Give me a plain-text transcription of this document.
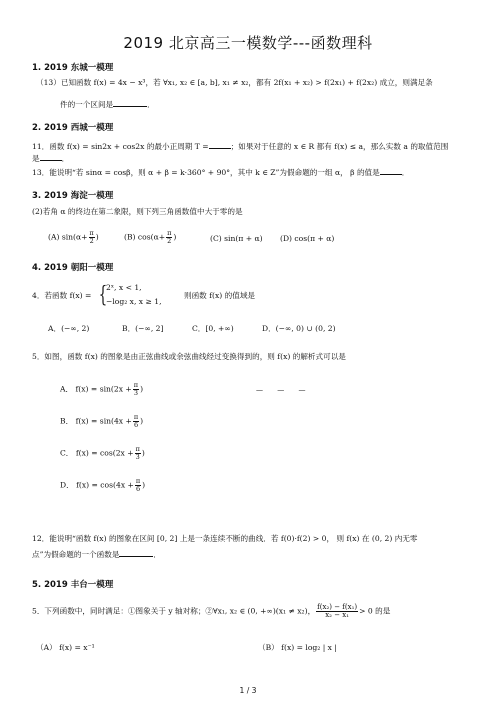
2019 北京高三一模数学---函数理科
1. 2019 东城一模理
（13）已知函数 f(x) = 4x − x³，若 ∀x₁, x₂ ∈ [a, b], x₁ ≠ x₂，都有 2f(x₁ + x₂) > f(2x₁) + f(2x₂) 成立，则满足条
件的一个区间是	．
2. 2019 西城一模理
11．函数 f(x) = sin2x + cos2x 的最小正周期 T =	；如果对于任意的 x ∈ R 都有 f(x) ≤ a，那么实数 a 的取值范围
是	．
13．能说明“若 sinα = cosβ，则 α + β = k·360° + 90°，其中 k ∈ Z”为假命题的一组 α， β 的值是	．
3. 2019 海淀一模理
(2)若角 α 的终边在第二象限，则下列三角函数值中大于零的是
(A) $\sin(\alpha+ \frac{\pi}{2}$ )	(B) $\cos(\alpha+ \frac{\pi}{2}$ )	(C) sin(π + α) (D) cos(π + α)
4. 2019 朝阳一模理
4．若函数 f(x) = {
2ˣ, x < 1,
−log₂ x, x ≥ 1,
则函数 f(x) 的值域是
A．(−∞, 2)	B．(−∞, 2]	C．[0, +∞)	D．(−∞, 0) ∪ (0, 2)
5．如图，函数 f(x) 的图象是由正弦曲线或余弦曲线经过变换得到的，则 f(x) 的解析式可以是
— — —
A． $f(x) = \sin(2x + \frac{\pi}{3}$ )
B． $f(x) = \sin(4x + \frac{\pi}{6}$ )
C． $f(x) = \cos(2x + \frac{\pi}{3}$ )
D． $f(x) = \cos(4x + \frac{\pi}{6}$ )
12．能说明“函数 f(x) 的图象在区间 [0, 2] 上是一条连续不断的曲线．若 f(0)·f(2) > 0， 则 f(x) 在 (0, 2) 内无零
点”为假命题的一个函数是	．
5. 2019 丰台一模理
5．下列函数中，同时满足：①图象关于 y 轴对称；②∀x₁, x₂ ∈ (0, +∞)(x₁ ≠ x₂)， $\frac{\text{f(x₂) − f(x₁)}}{\text{x₂ − x₁}} > 0$ 的是
（A） f(x) = x⁻¹	（B） f(x) = log₂ | x |
1 / 3
